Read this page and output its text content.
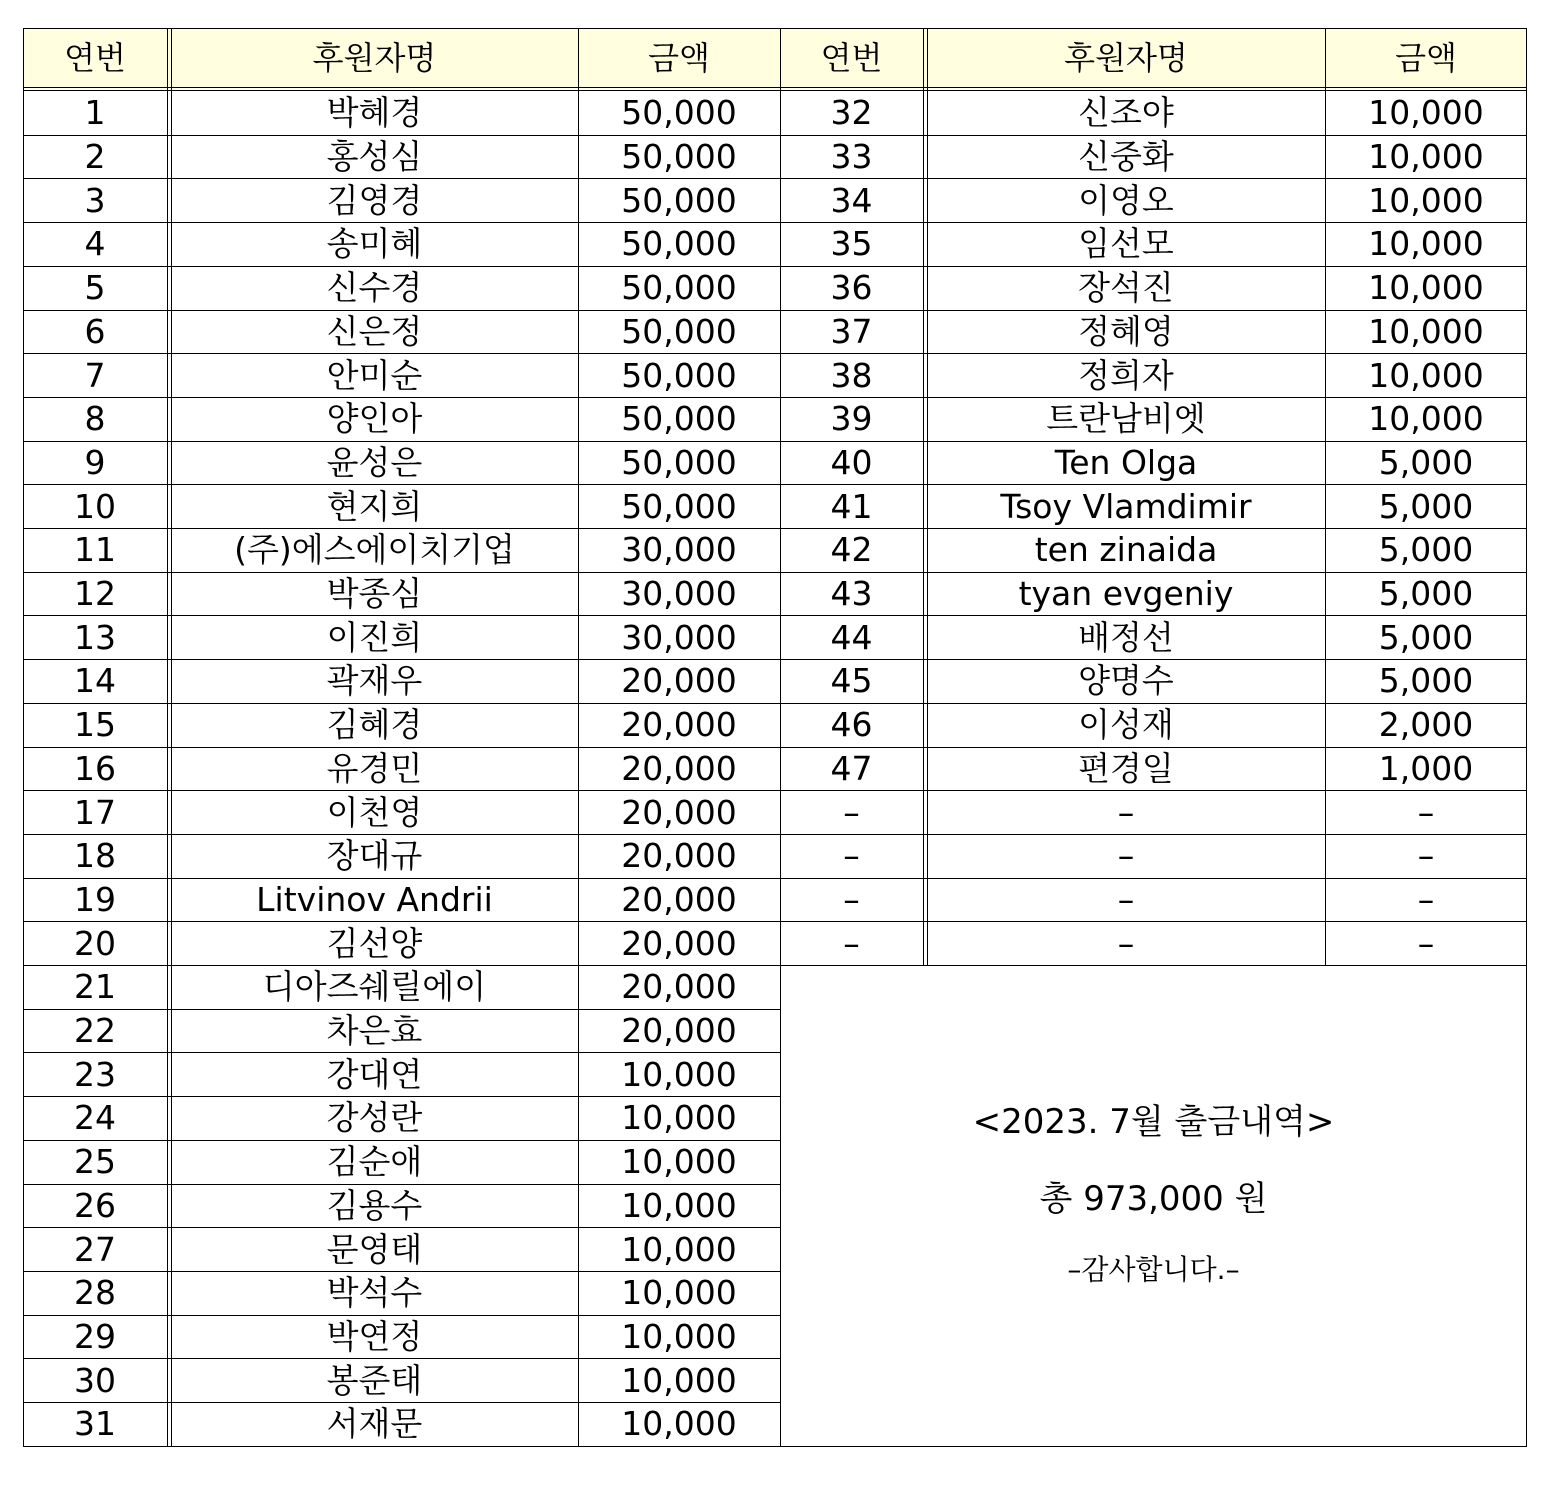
<2023. 7월 출금내역>
총 973,000 원
–감사합니다.–
연번	후원자명	금액	연번	후원자명	금액
1	박혜경	50,000
2	홍성심	50,000
3	김영경	50,000
4	송미혜	50,000
5	신수경	50,000
6	신은정	50,000
7	안미순	50,000
8	양인아	50,000
9	윤성은	50,000
10	현지희	50,000
11	(주)에스에이치기업	30,000
12	박종심	30,000
13	이진희	30,000
14	곽재우	20,000
15	김혜경	20,000
16	유경민	20,000
17	이천영	20,000
18	장대규	20,000
19	Litvinov Andrii	20,000
20	김선양	20,000
21	디아즈쉐릴에이	20,000
22	차은효	20,000
23	강대연	10,000
24	강성란	10,000
25	김순애	10,000
26	김용수	10,000
27	문영태	10,000
28	박석수	10,000
29	박연정	10,000
30	봉준태	10,000
31	서재문	10,000
32	신조야	10,000
33	신중화	10,000
34	이영오	10,000
35	임선모	10,000
36	장석진	10,000
37	정혜영	10,000
38	정희자	10,000
39	트란남비엣	10,000
40	Ten Olga	5,000
41	Tsoy Vlamdimir	5,000
42	ten zinaida	5,000
43	tyan evgeniy	5,000
44	배정선	5,000
45	양명수	5,000
46	이성재	2,000
47	편경일	1,000
–	–	–
–	–	–
–	–	–
–	–	–
